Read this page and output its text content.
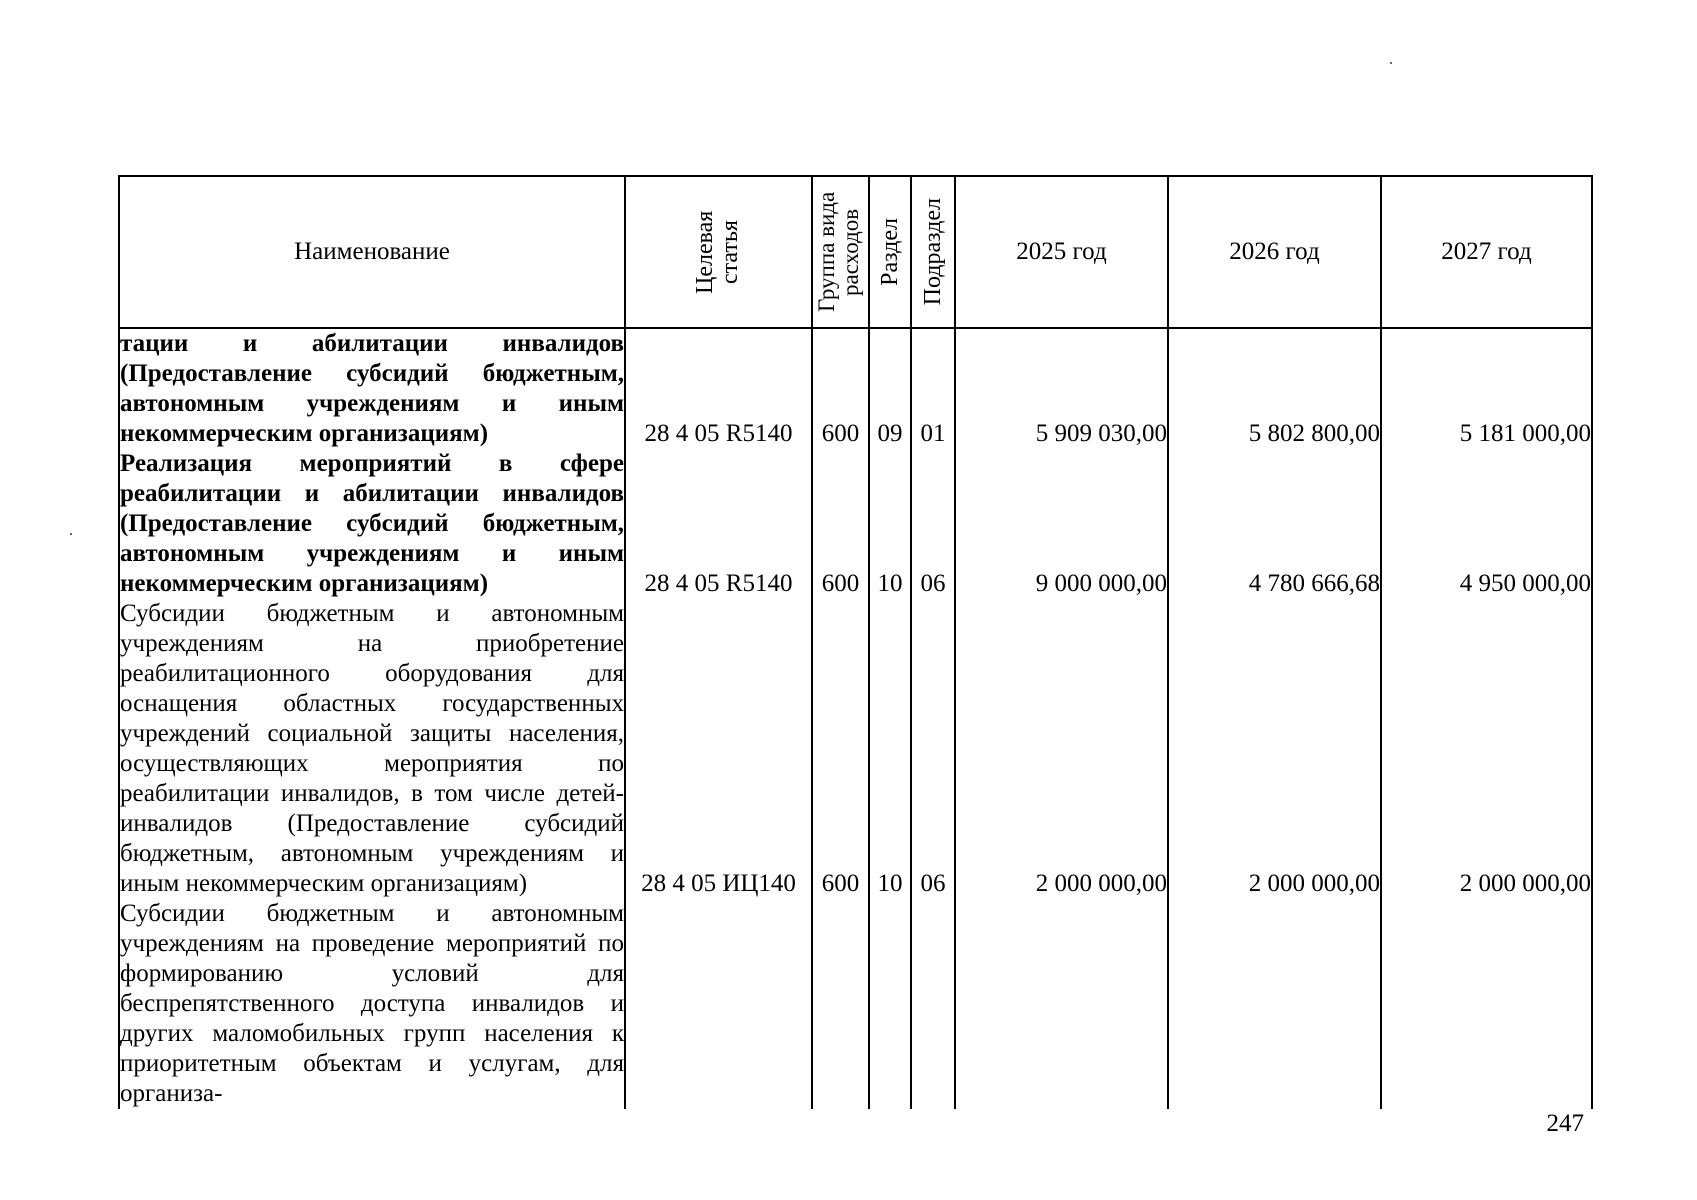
Наименование	Целевая статья	Группа вида расходов	Раздел	Подраздел	2025 год	2026 год	2027 год
тации и абилитации инвалидов (Предоставление субсидий бюджетным, автономным учреждениям и иным некоммерческим организациям)	28 4 05 R5140	600	09	01	5 909 030,00	5 802 800,00	5 181 000,00
Реализация мероприятий в сфере реабилитации и абилитации инвалидов (Предоставление субсидий бюджетным, автономным учреждениям и иным некоммерческим организациям)	28 4 05 R5140	600	10	06	9 000 000,00	4 780 666,68	4 950 000,00
Субсидии бюджетным и автономным учреждениям на приобретение реабилитационного оборудования для оснащения областных государственных учреждений социальной защиты населения, осуществляющих мероприятия по реабилитации инвалидов, в том числе детей-инвалидов (Предоставление субсидий бюджетным, автономным учреждениям и иным некоммерческим организациям)	28 4 05 ИЦ140	600	10	06	2 000 000,00	2 000 000,00	2 000 000,00
Субсидии бюджетным и автономным учреждениям на проведение мероприятий по формированию условий для беспрепятственного доступа инвалидов и других маломобильных групп населения к приоритетным объектам и услугам, для организа-							
247
